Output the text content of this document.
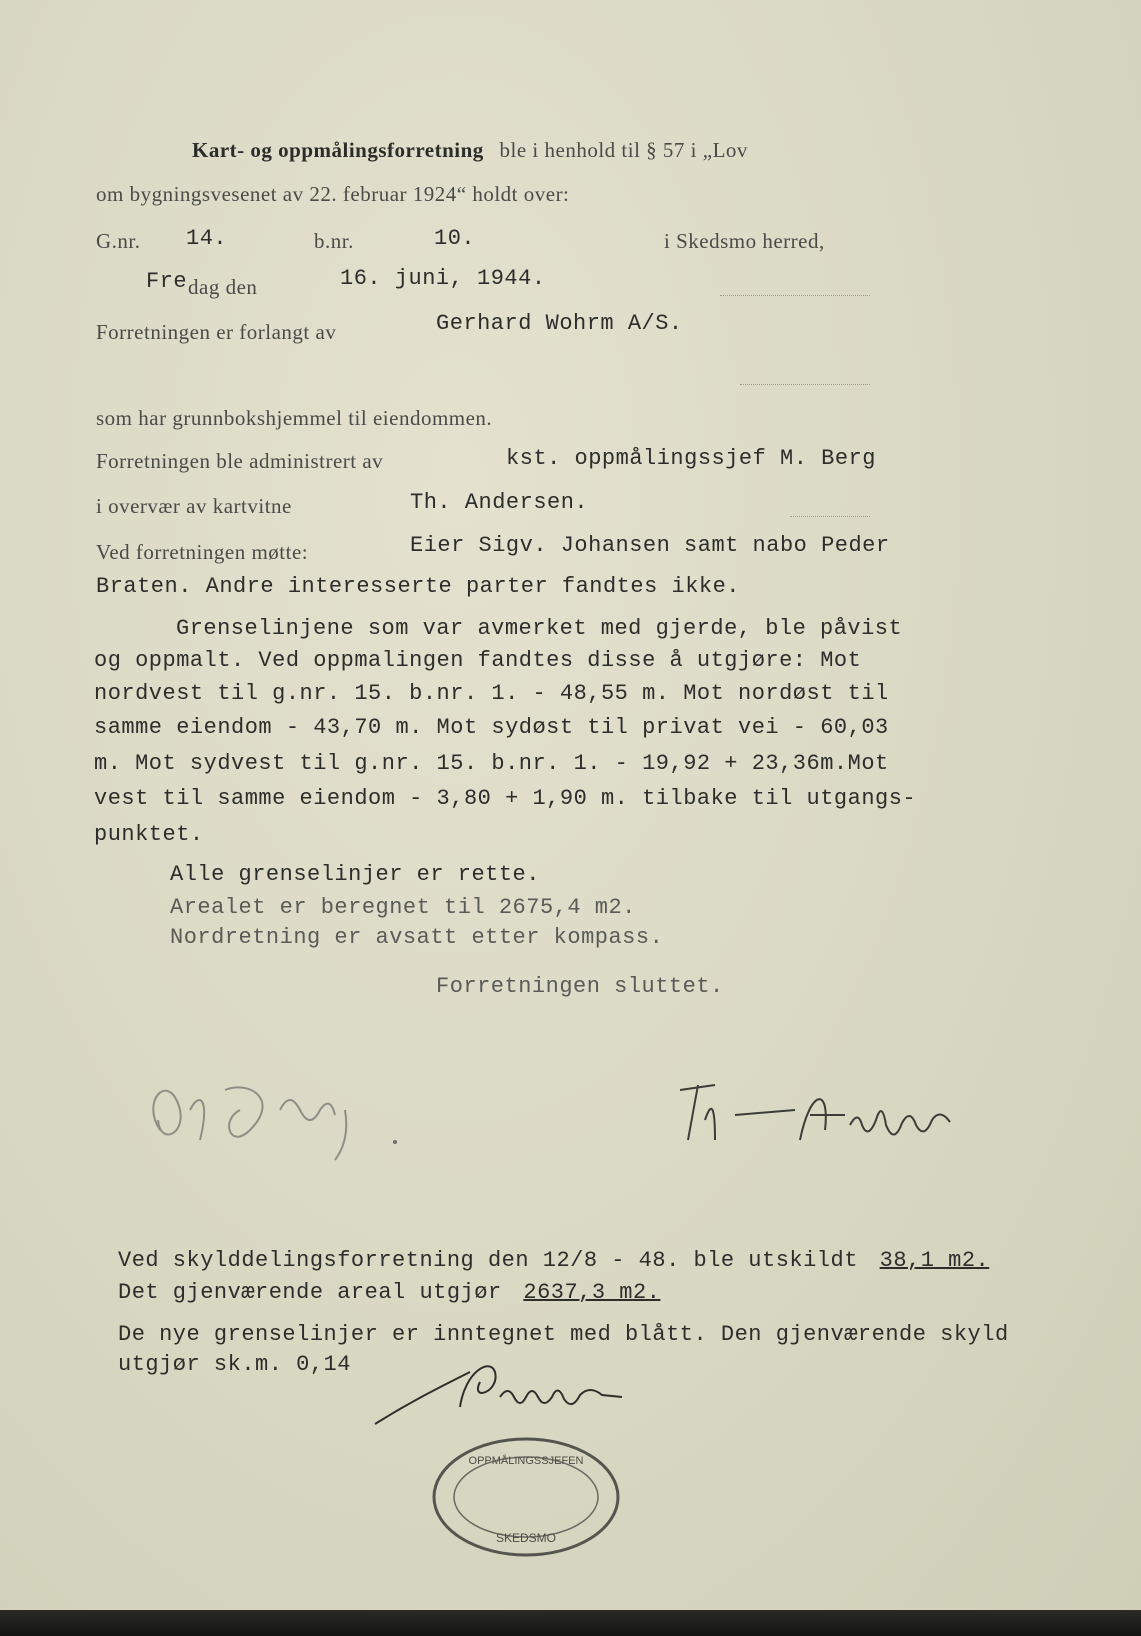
Kart- og oppmålingsforretning ble i henhold til § 57 i „Lov
om bygningsvesenet av 22. februar 1924“ holdt over:
G.nr. 14.	b.nr.	10.	i Skedsmo herred,
Fre dag den	16. juni, 1944.
Forretningen er forlangt av	Gerhard Wohrm A/S.
som har grunnbokshjemmel til eiendommen.
Forretningen ble administrert av	kst. oppmålingssjef M. Berg
i overvær av kartvitne	Th. Andersen.
Ved forretningen møtte:	Eier Sigv. Johansen samt nabo Peder
Braten. Andre interesserte parter fandtes ikke.
Grenselinjene som var avmerket med gjerde, ble påvist
og oppmalt. Ved oppmalingen fandtes disse å utgjøre: Mot
nordvest til g.nr. 15. b.nr. 1. - 48,55 m. Mot nordøst til
samme eiendom - 43,70 m. Mot sydøst til privat vei - 60,03
m. Mot sydvest til g.nr. 15. b.nr. 1. - 19,92 + 23,36m.Mot
vest til samme eiendom - 3,80 + 1,90 m. tilbake til utgangs-
punktet.
Alle grenselinjer er rette.
Arealet er beregnet til 2675,4 m2.
Nordretning er avsatt etter kompass.
Forretningen sluttet.
Ved skylddelingsforretning den 12/8 - 48. ble utskildt 38,1 m2.
Det gjenværende areal utgjør 2637,3 m2.
De nye grenselinjer er inntegnet med blått. Den gjenværende skyld
utgjør sk.m. 0,14
OPPMÅLINGSSJEFEN
SKEDSMO
